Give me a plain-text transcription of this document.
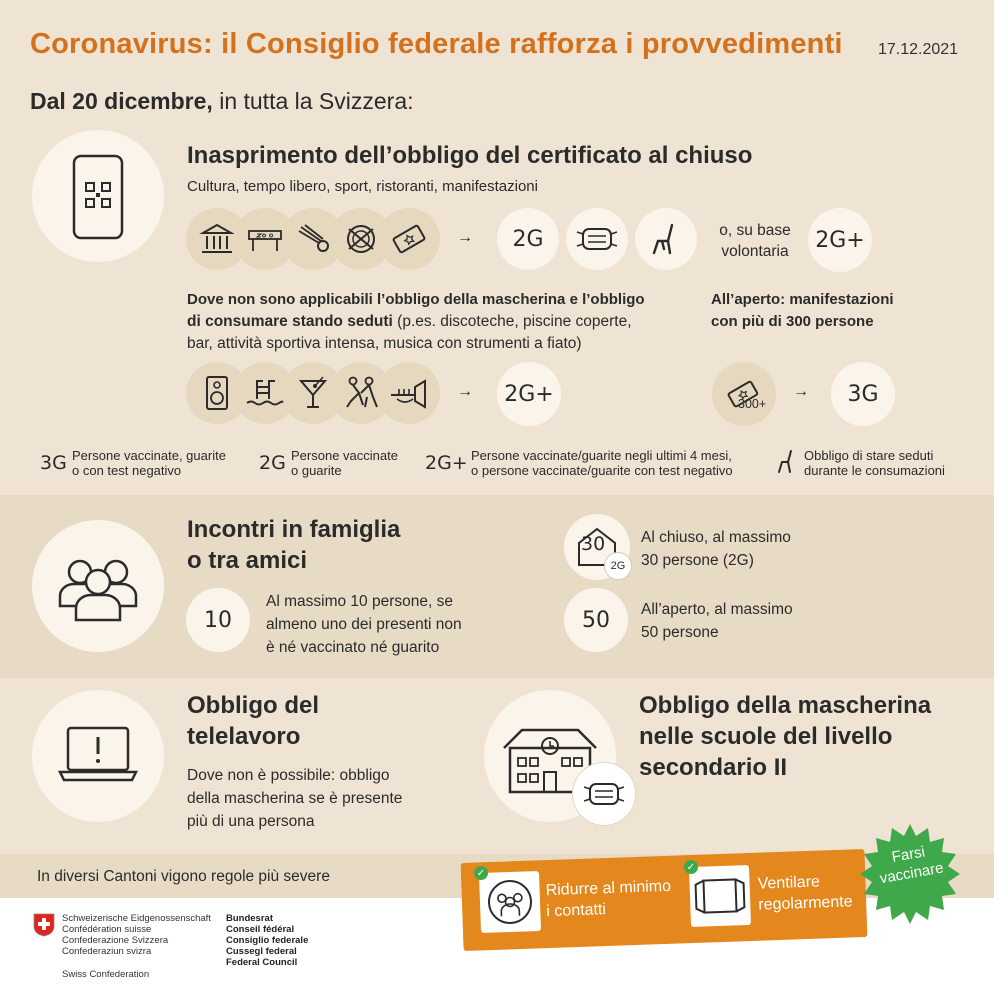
Coronavirus: il Consiglio federale rafforza i provvedimenti 17.12.2021
Dal 20 dicembre, in tutta la Svizzera:
Inasprimento dell’obbligo del certificato al chiuso
Cultura, tempo libero, sport, ristoranti, manifestazioni
→ 2G	o, su base
volontaria	2G+
Dove non sono applicabili l’obbligo della mascherina e l’obbligo
di consumare stando seduti (p.es. discoteche, piscine coperte,
bar, attività sportiva intensa, musica con strumenti a fiato)
All’aperto: manifestazioni
con più di 300 persone
→ 2G+	300+
→ 3G
3G Persone vaccinate, guarite
o con test negativo	2G Persone vaccinate
o guarite	2G+ Persone vaccinate/guarite negli ultimi 4 mesi,
o persone vaccinate/guarite con test negativo
Obbligo di stare seduti
durante le consumazioni
Incontri in famiglia
o tra amici
10
Al massimo 10 persone, se
almeno uno dei presenti non
è né vaccinato né guarito
30
2G
Al chiuso, al massimo
30 persone (2G)
50 All’aperto, al massimo
50 persone
Obbligo del
telelavoro
Dove non è possibile: obbligo
della mascherina se è presente
più di una persona
Obbligo della mascherina
nelle scuole del livello
secondario II
In diversi Cantoni vigono regole più severe	✓
Ridurre al minimo
i contatti
✓
Ventilare
regolarmente
Farsi
vaccinare
Schweizerische Eidgenossenschaft
Confédération suisse
Confederazione Svizzera
Confederaziun svizra
Swiss Confederation
Bundesrat
Conseil fédéral
Consiglio federale
Cussegl federal
Federal Council
